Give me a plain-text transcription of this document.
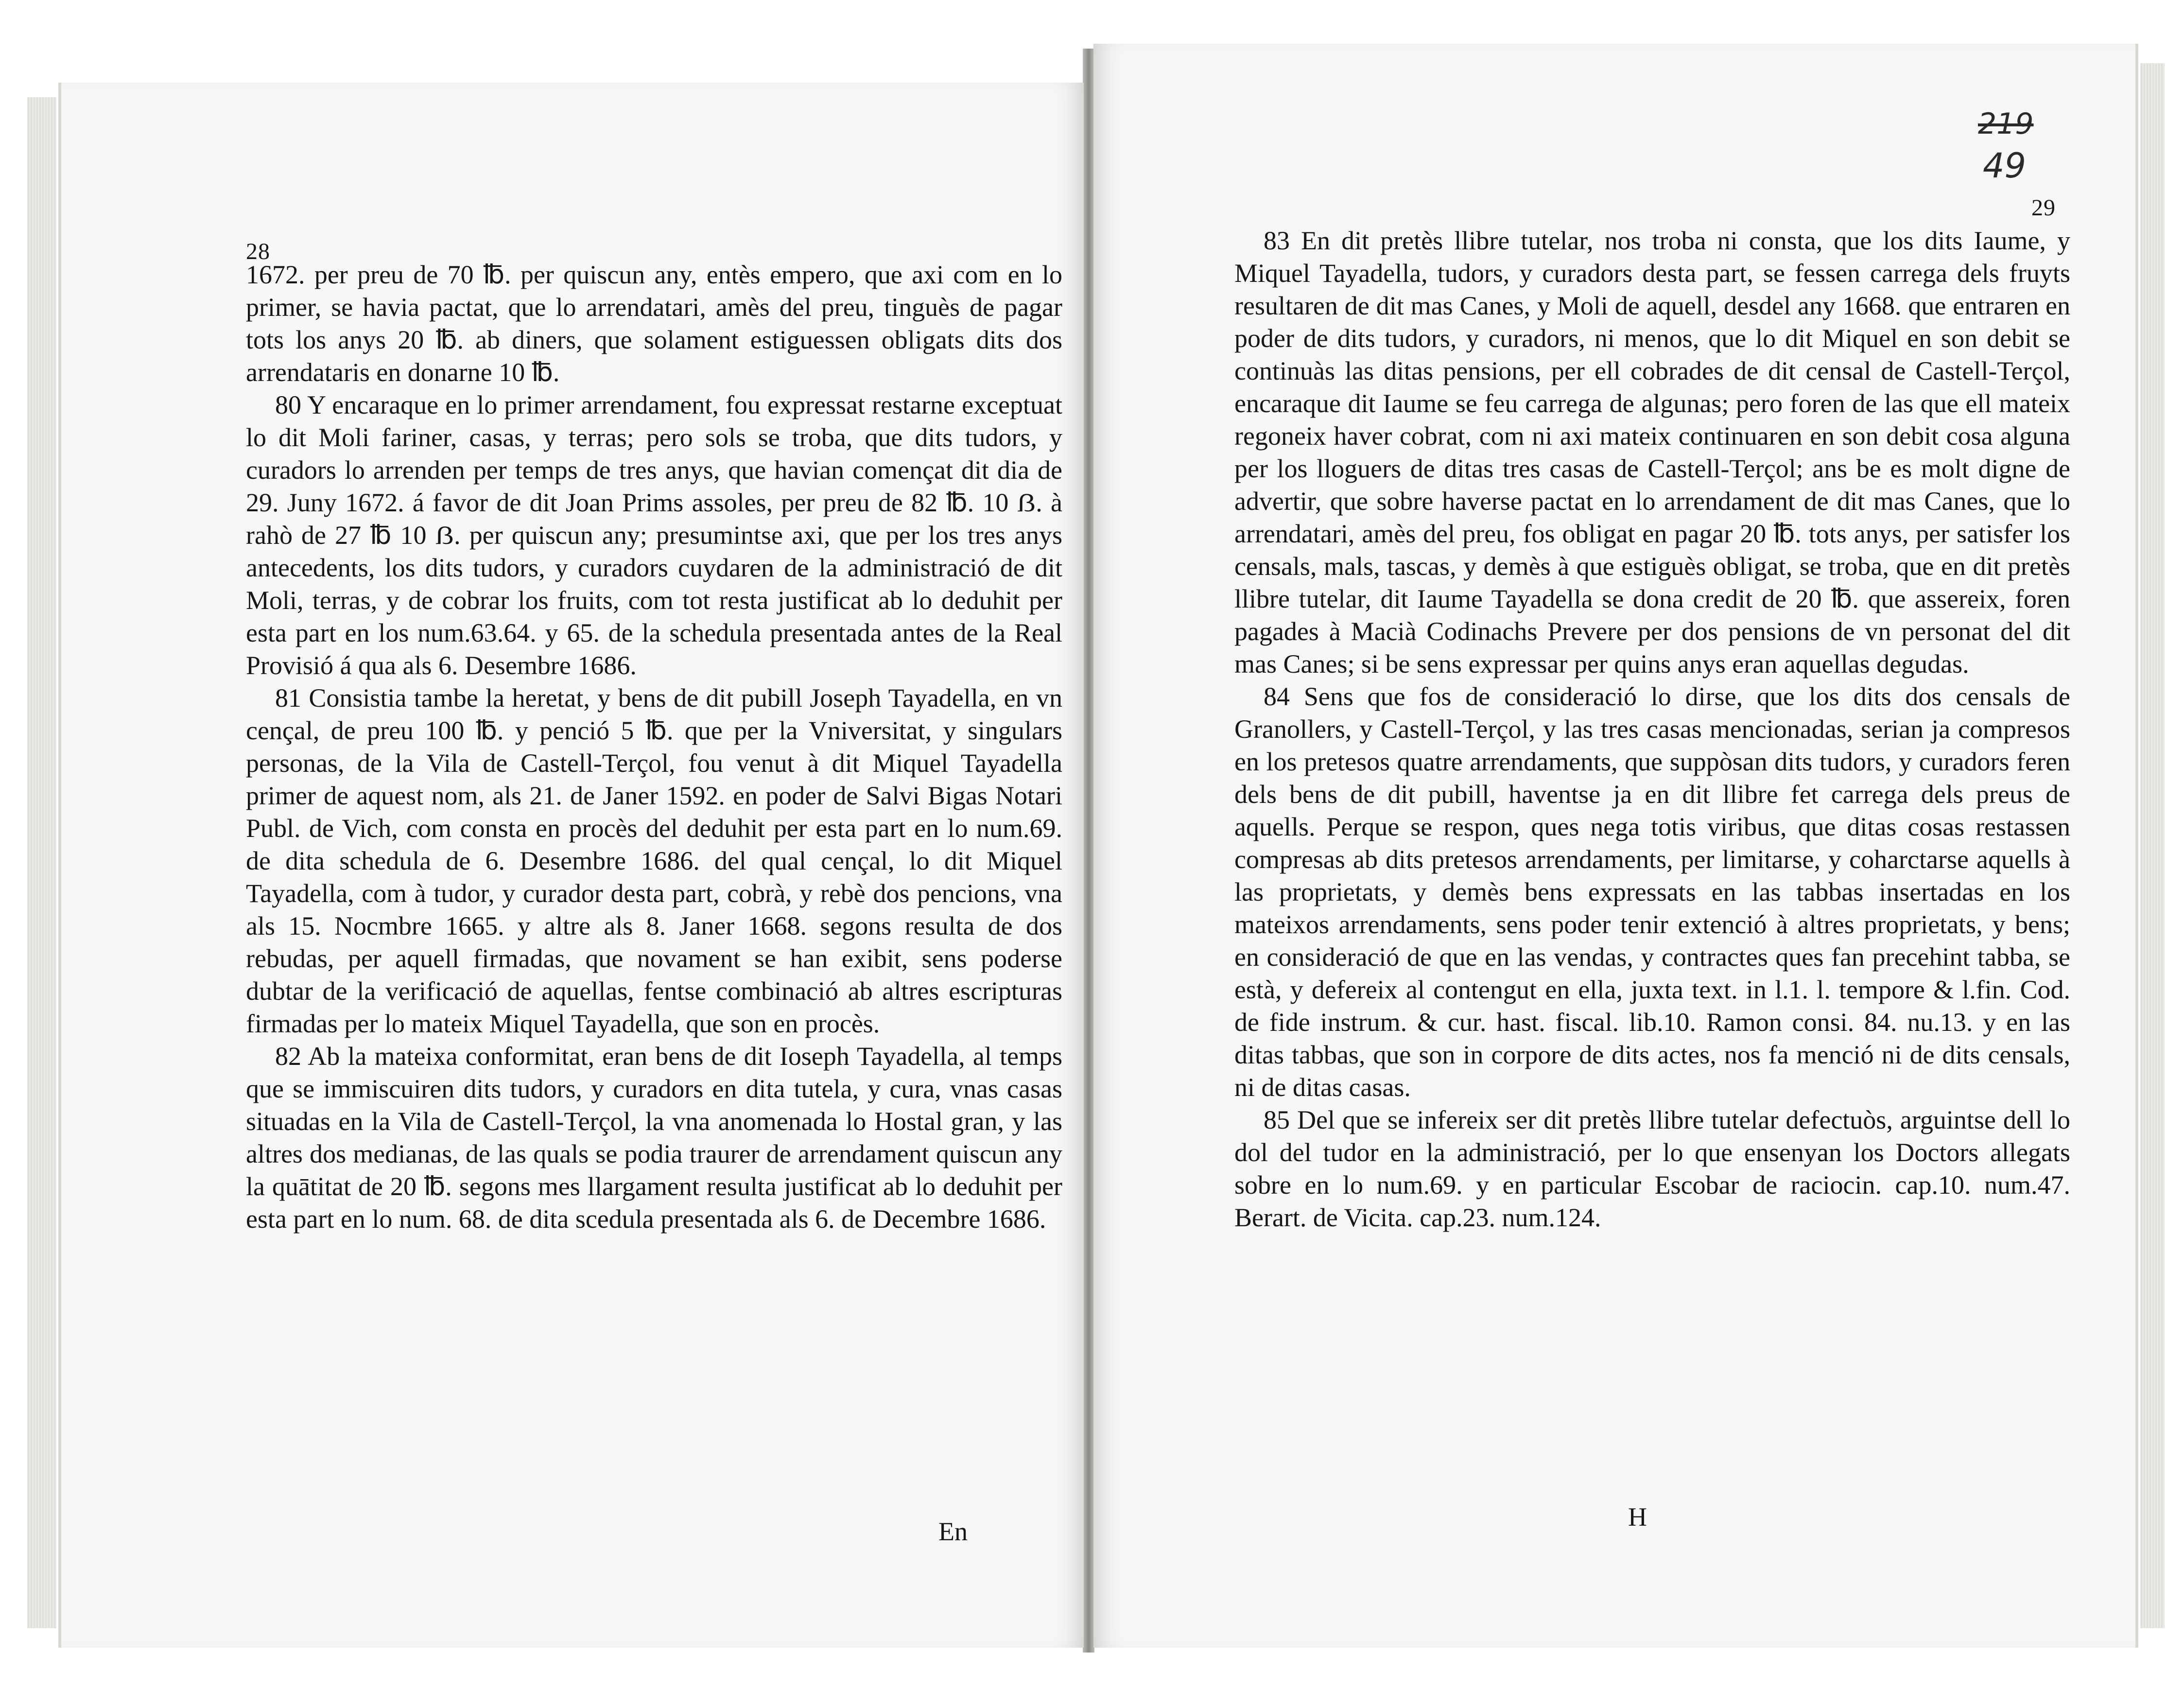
28

1672. per preu de 70 ℔. per quiscun any, entès empero, que axi com en lo primer, se havia pactat, que lo arrendatari, amès del preu, tinguès de pagar tots los anys 20 ℔. ab diners, que solament estiguessen obligats dits dos arrendataris en donarne 10 ℔.

80 Y encaraque en lo primer arrendament, fou expressat restarne exceptuat lo dit Moli fariner, casas, y terras; pero sols se troba, que dits tudors, y curadors lo arrenden per temps de tres anys, que havian començat dit dia de 29. Juny 1672. á favor de dit Joan Prims assoles, per preu de 82 ℔. 10 ẞ. à rahò de 27 ℔ 10 ẞ. per quiscun any; presumintse axi, que per los tres anys antecedents, los dits tudors, y curadors cuydaren de la administració de dit Moli, terras, y de cobrar los fruits, com tot resta justificat ab lo deduhit per esta part en los num.63.64. y 65. de la schedula presentada antes de la Real Provisió á qua als 6. Desembre 1686.

81 Consistia tambe la heretat, y bens de dit pubill Joseph Tayadella, en vn cençal, de preu 100 ℔. y penció 5 ℔. que per la Vniversitat, y singulars personas, de la Vila de Castell-Terçol, fou venut à dit Miquel Tayadella primer de aquest nom, als 21. de Janer 1592. en poder de Salvi Bigas Notari Publ. de Vich, com consta en procès del deduhit per esta part en lo num.69. de dita schedula de 6. Desembre 1686. del qual cençal, lo dit Miquel Tayadella, com à tudor, y curador desta part, cobrà, y rebè dos pencions, vna als 15. Nocmbre 1665. y altre als 8. Janer 1668. segons resulta de dos rebudas, per aquell firmadas, que novament se han exibit, sens poderse dubtar de la verificació de aquellas, fentse combinació ab altres escripturas firmadas per lo mateix Miquel Tayadella, que son en procès.

82 Ab la mateixa conformitat, eran bens de dit Ioseph Tayadella, al temps que se immiscuiren dits tudors, y curadors en dita tutela, y cura, vnas casas situadas en la Vila de Castell-Terçol, la vna anomenada lo Hostal gran, y las altres dos medianas, de las quals se podia traurer de arrendament quiscun any la quātitat de 20 ℔. segons mes llargament resulta justificat ab lo deduhit per esta part en lo num. 68. de dita scedula presentada als 6. de Decembre 1686.

En
219
49
29

83 En dit pretès llibre tutelar, nos troba ni consta, que los dits Iaume, y Miquel Tayadella, tudors, y curadors desta part, se fessen carrega dels fruyts resultaren de dit mas Canes, y Moli de aquell, desdel any 1668. que entraren en poder de dits tudors, y curadors, ni menos, que lo dit Miquel en son debit se continuàs las ditas pensions, per ell cobrades de dit censal de Castell-Terçol, encaraque dit Iaume se feu carrega de algunas; pero foren de las que ell mateix regoneix haver cobrat, com ni axi mateix continuaren en son debit cosa alguna per los lloguers de ditas tres casas de Castell-Terçol; ans be es molt digne de advertir, que sobre haverse pactat en lo arrendament de dit mas Canes, que lo arrendatari, amès del preu, fos obligat en pagar 20 ℔. tots anys, per satisfer los censals, mals, tascas, y demès à que estiguès obligat, se troba, que en dit pretès llibre tutelar, dit Iaume Tayadella se dona credit de 20 ℔. que assereix, foren pagades à Macià Codinachs Prevere per dos pensions de vn personat del dit mas Canes; si be sens expressar per quins anys eran aquellas degudas.

84 Sens que fos de consideració lo dirse, que los dits dos censals de Granollers, y Castell-Terçol, y las tres casas mencionadas, serian ja compresos en los pretesos quatre arrendaments, que suppòsan dits tudors, y curadors feren dels bens de dit pubill, haventse ja en dit llibre fet carrega dels preus de aquells. Perque se respon, ques nega totis viribus, que ditas cosas restassen compresas ab dits pretesos arrendaments, per limitarse, y coharctarse aquells à las proprietats, y demès bens expressats en las tabbas insertadas en los mateixos arrendaments, sens poder tenir extenció à altres proprietats, y bens; en consideració de que en las vendas, y contractes ques fan precehint tabba, se està, y defereix al contengut en ella, juxta text. in l.1. l. tempore & l.fin. Cod. de fide instrum. & cur. hast. fiscal. lib.10. Ramon consi. 84. nu.13. y en las ditas tabbas, que son in corpore de dits actes, nos fa menció ni de dits censals, ni de ditas casas.

85 Del que se infereix ser dit pretès llibre tutelar defectuòs, arguintse dell lo dol del tudor en la administració, per lo que ensenyan los Doctors allegats sobre en lo num.69. y en particular Escobar de raciocin. cap.10. num.47. Berart. de Vicita. cap.23. num.124.

H
